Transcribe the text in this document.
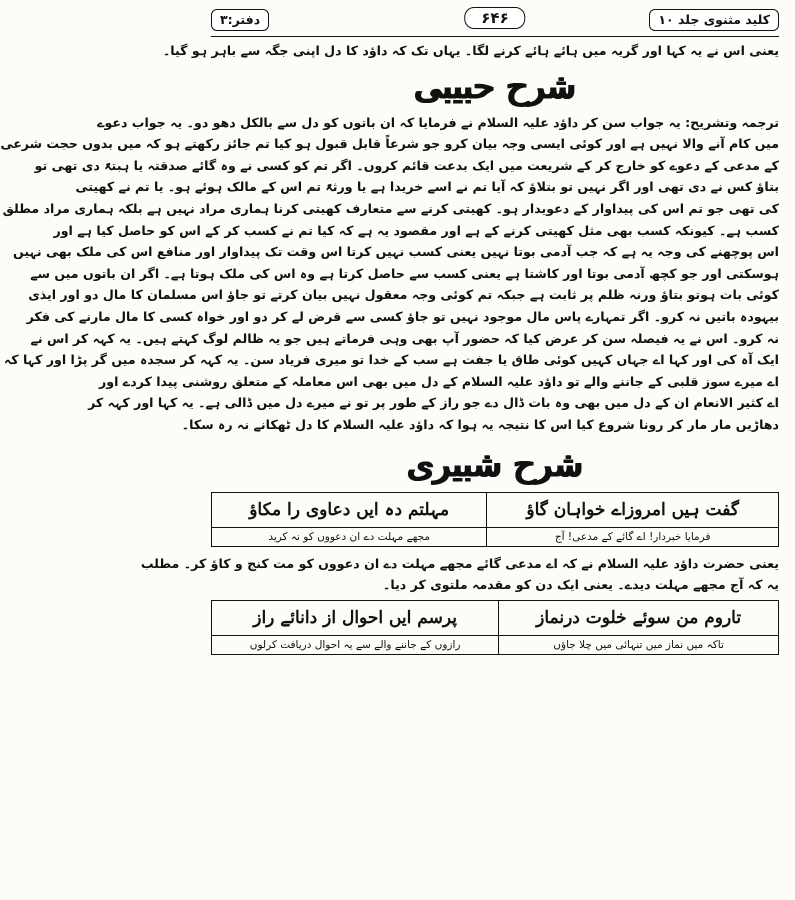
کلید مثنوی جلد ۱۰
۶۴۶
دفتر:۳
یعنی اس نے یہ کہا اور گریہ میں ہائے ہائے کرنے لگا۔ یہاں تک کہ داؤد کا دل اپنی جگہ سے باہر ہو گیا۔
شرح حبیبی
ترجمہ وتشریح: یہ جواب سن کر داؤد علیہ السلام نے فرمایا کہ ان باتوں کو دل سے بالکل دھو دو۔ یہ جواب دعوے
میں کام آنے والا نہیں ہے اور کوئی ایسی وجہ بیان کرو جو شرعاً قابل قبول ہو کیا تم جائز رکھتے ہو کہ میں بدوں حجت شرعی
کے مدعی کے دعوے کو خارج کر کے شریعت میں ایک بدعت قائم کروں۔ اگر تم کو کسی نے وہ گائے صدقتہ یا ہبتہً دی تھی تو
بتاؤ کس نے دی تھی اور اگر نہیں تو بتلاؤ کہ آیا تم نے اسے خریدا ہے یا ورثۃً تم اس کے مالک ہوئے ہو۔ یا تم نے کھیتی
کی تھی جو تم اس کی پیداوار کے دعویدار ہو۔ کھیتی کرنے سے متعارف کھیتی کرنا ہماری مراد نہیں ہے بلکہ ہماری مراد مطلق
کسب ہے۔ کیونکہ کسب بھی مثل کھیتی کرنے کے ہے اور مقصود یہ ہے کہ کیا تم نے کسب کر کے اس کو حاصل کیا ہے اور
اس پوچھنے کی وجہ یہ ہے کہ جب آدمی بوتا نہیں یعنی کسب نہیں کرتا اس وقت تک پیداوار اور منافع اس کی ملک بھی نہیں
ہوسکتی اور جو کچھ آدمی بوتا اور کاشتا ہے یعنی کسب سے حاصل کرتا ہے وہ اس کی ملک ہوتا ہے۔ اگر ان باتوں میں سے
کوئی بات ہوتو بتاؤ ورنہ ظلم پر ثابت ہے جبکہ تم کوئی وجہ معقول نہیں بیان کرتے تو جاؤ اس مسلمان کا مال دو اور ایذی
بیہودہ باتیں نہ کرو۔ اگر تمہارے پاس مال موجود نہیں تو جاؤ کسی سے قرض لے کر دو اور خواہ کسی کا مال مارنے کی فکر
نہ کرو۔ اس نے یہ فیصلہ سن کر عرض کیا کہ حضور آپ بھی وہی فرماتے ہیں جو یہ ظالم لوگ کہتے ہیں۔ یہ کہہ کر اس نے
ایک آہ کی اور کہا اے جہاں کہیں کوئی طاق یا جفت ہے سب کے خدا تو میری فریاد سن۔ یہ کہہ کر سجدہ میں گر پڑا اور کہا کہ
اے میرے سوز قلبی کے جاننے والے تو داؤد علیہ السلام کے دل میں بھی اس معاملہ کے متعلق روشنی پیدا کردے اور
اے کثیر الانعام ان کے دل میں بھی وہ بات ڈال دے جو راز کے طور پر تو نے میرے دل میں ڈالی ہے۔ یہ کہا اور کہہ کر
دھاڑیں مار مار کر رونا شروع کیا اس کا نتیجہ یہ ہوا کہ داؤد علیہ السلام کا دل ٹھکانے نہ رہ سکا۔
شرح شبیری
گفت ہیں امروزاے خواہان گاؤ	مہلتم دہ ایں دعاوی را مکاؤ
فرمایا خبردار! اے گائے کے مدعی! آج	مجھے مہلت دے ان دعووں کو نہ کرید
یعنی حضرت داؤد علیہ السلام نے کہ اے مدعی گائے مجھے مہلت دے ان دعووں کو مت کنج و کاؤ کر۔ مطلب
یہ کہ آج مجھے مہلت دیدے۔ یعنی ایک دن کو مقدمہ ملتوی کر دیا۔
تاروم من سوئے خلوت درنماز	پرسم ایں احوال از دانائے راز
تاکہ میں نماز میں تنہائی میں چلا جاؤں	رازوں کے جاننے والے سے یہ احوال دریافت کرلوں
